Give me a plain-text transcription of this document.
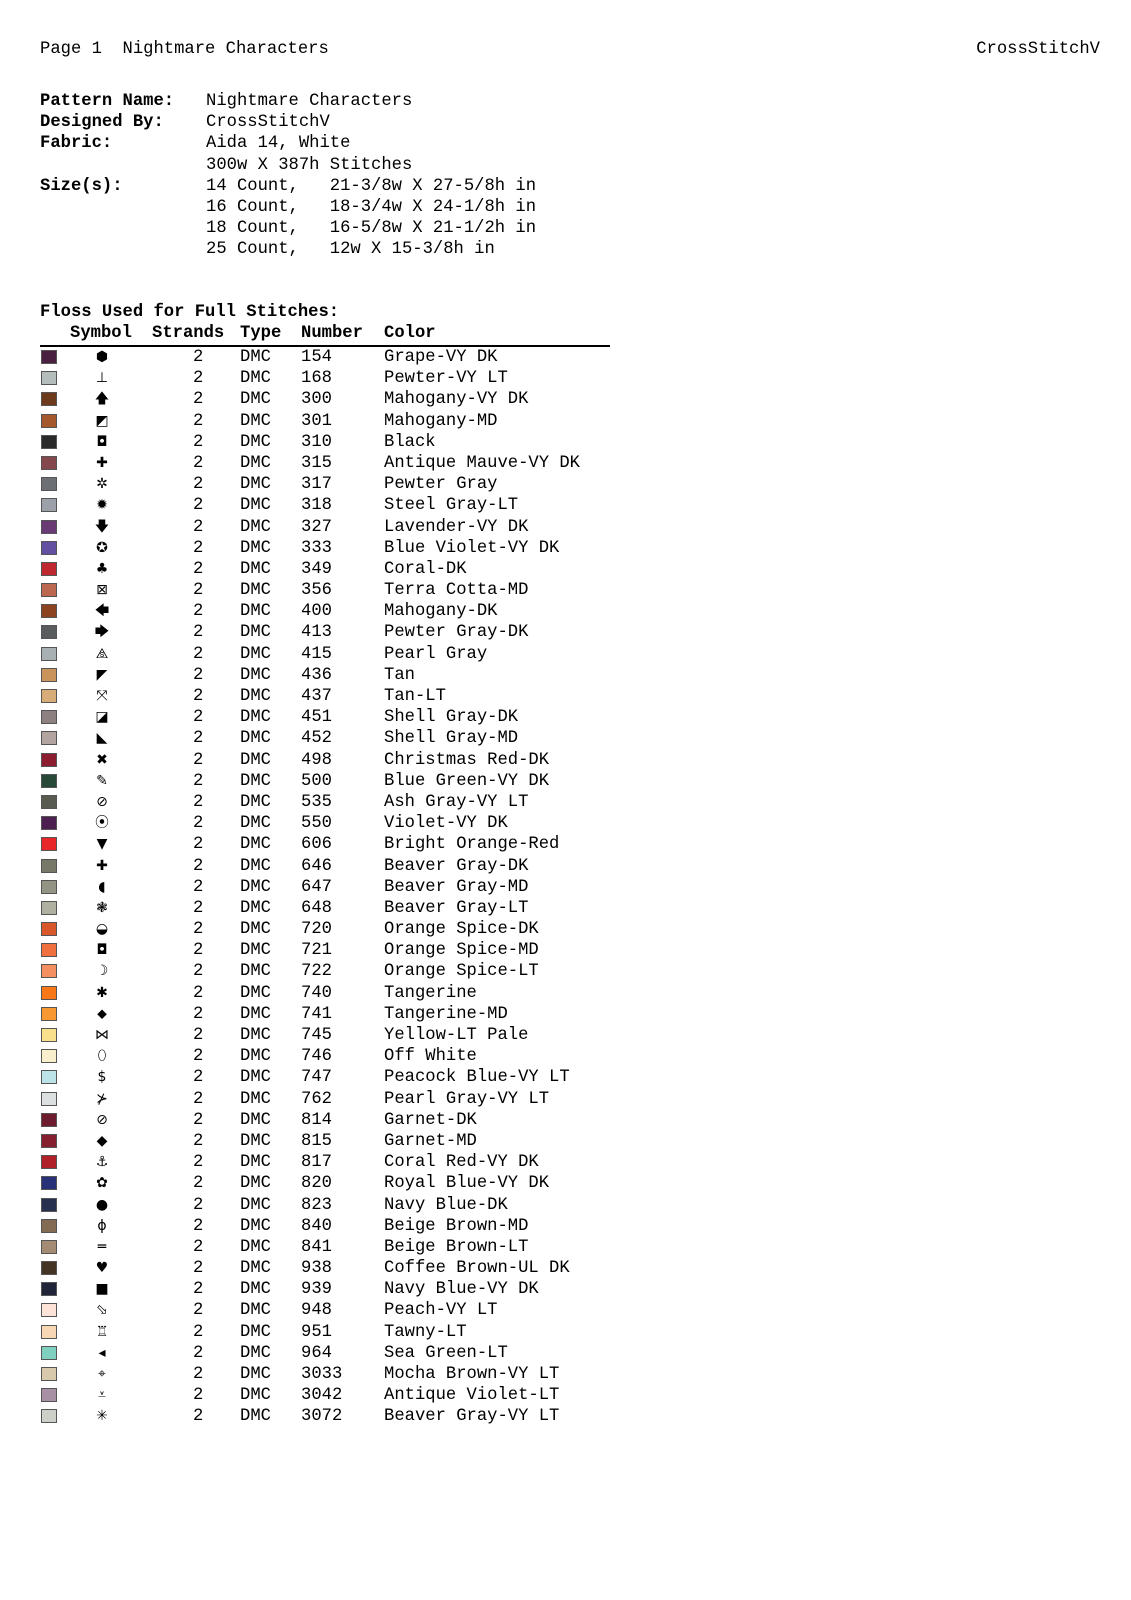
Page 1 Nightmare Characters	CrossStitchV
Pattern Name:	Nightmare Characters
Designed By:	CrossStitchV
Fabric:	Aida 14, White
300w X 387h Stitches
Size(s):	14 Count,   21-3/8w X 27-5/8h in
16 Count,   18-3/4w X 24-1/8h in
18 Count,   16-5/8w X 21-1/2h in
25 Count,   12w X 15-3/8h in
Floss Used for Full Stitches:
Symbol Strands Type Number Color
⬢	2 DMC 154	Grape-VY DK
⊥	2 DMC 168	Pewter-VY LT
🡅	2 DMC 300	Mahogany-VY DK
◩	2 DMC 301	Mahogany-MD
◘	2 DMC 310	Black
✚	2 DMC 315	Antique Mauve-VY DK
✲	2 DMC 317	Pewter Gray
✹	2 DMC 318	Steel Gray-LT
🡇	2 DMC 327	Lavender-VY DK
✪	2 DMC 333	Blue Violet-VY DK
♣	2 DMC 349	Coral-DK
⊠	2 DMC 356	Terra Cotta-MD
🡄	2 DMC 400	Mahogany-DK
🡆	2 DMC 413	Pewter Gray-DK
⧌	2 DMC 415	Pearl Gray
◤	2 DMC 436	Tan
⤧	2 DMC 437	Tan-LT
◪	2 DMC 451	Shell Gray-DK
◣	2 DMC 452	Shell Gray-MD
✖	2 DMC 498	Christmas Red-DK
✎	2 DMC 500	Blue Green-VY DK
⊘	2 DMC 535	Ash Gray-VY LT
⦿	2 DMC 550	Violet-VY DK
▼	2 DMC 606	Bright Orange-Red
✚	2 DMC 646	Beaver Gray-DK
◖	2 DMC 647	Beaver Gray-MD
❃	2 DMC 648	Beaver Gray-LT
◒	2 DMC 720	Orange Spice-DK
◘	2 DMC 721	Orange Spice-MD
☽	2 DMC 722	Orange Spice-LT
✱	2 DMC 740	Tangerine
⬥	2 DMC 741	Tangerine-MD
⋈	2 DMC 745	Yellow-LT Pale
⬯	2 DMC 746	Off White
$	2 DMC 747	Peacock Blue-VY LT
⊁	2 DMC 762	Pearl Gray-VY LT
⊘	2 DMC 814	Garnet-DK
◆	2 DMC 815	Garnet-MD
⚓	2 DMC 817	Coral Red-VY DK
✿	2 DMC 820	Royal Blue-VY DK
●	2 DMC 823	Navy Blue-DK
ϕ	2 DMC 840	Beige Brown-MD
═	2 DMC 841	Beige Brown-LT
♥	2 DMC 938	Coffee Brown-UL DK
■	2 DMC 939	Navy Blue-VY DK
⬂	2 DMC 948	Peach-VY LT
♖	2 DMC 951	Tawny-LT
◂	2 DMC 964	Sea Green-LT
⌖	2 DMC 3033 Mocha Brown-VY LT
⩡	2 DMC 3042 Antique Violet-LT
✳	2 DMC 3072 Beaver Gray-VY LT
